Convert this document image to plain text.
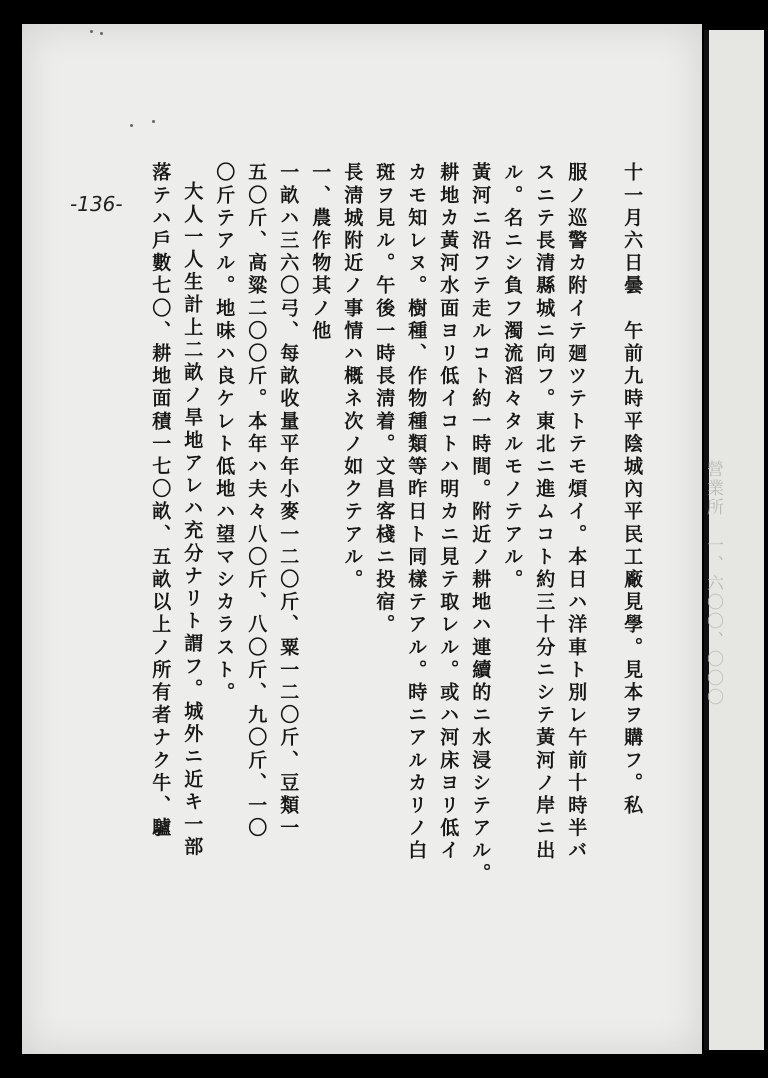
-136-	十一月六日曇　午前九時平陰城內平民工廠見學。見本ヲ購フ。私

服ノ巡警カ附イテ廻ツテトテモ煩イ。本日ハ洋車ト別レ午前十時半バ

スニテ長清縣城ニ向フ。東北ニ進ムコト約三十分ニシテ黃河ノ岸ニ出

ル。名ニシ負フ濁流滔々タルモノテアル。

黃河ニ沿フテ走ルコト約一時間。附近ノ耕地ハ連續的ニ水浸シテアル。

耕地カ黃河水面ヨリ低イコトハ明カニ見テ取レル。或ハ河床ヨリ低イ

カモ知レヌ。樹種、作物種類等昨日ト同樣テアル。時ニアルカリノ白

斑ヲ見ル。午後一時長淸着。文昌客棧ニ投宿。

長淸城附近ノ事情ハ概ネ次ノ如クテアル。

一、農作物其ノ他

一畝ハ三六〇弓、每畝收量平年小麥一二〇斤、粟一二〇斤、豆類一

五〇斤、高粱二〇〇斤。本年ハ夫々八〇斤、八〇斤、九〇斤、一〇

〇斤テアル。地味ハ良ケレト低地ハ望マシカラスト。

大人一人生計上二畝ノ旱地アレハ充分ナリト謂フ。城外ニ近キ一部

落テハ戶數七〇、耕地面積一七〇畝、五畝以上ノ所有者ナク牛、驢	營業所　一、六〇〇、〇〇〇
